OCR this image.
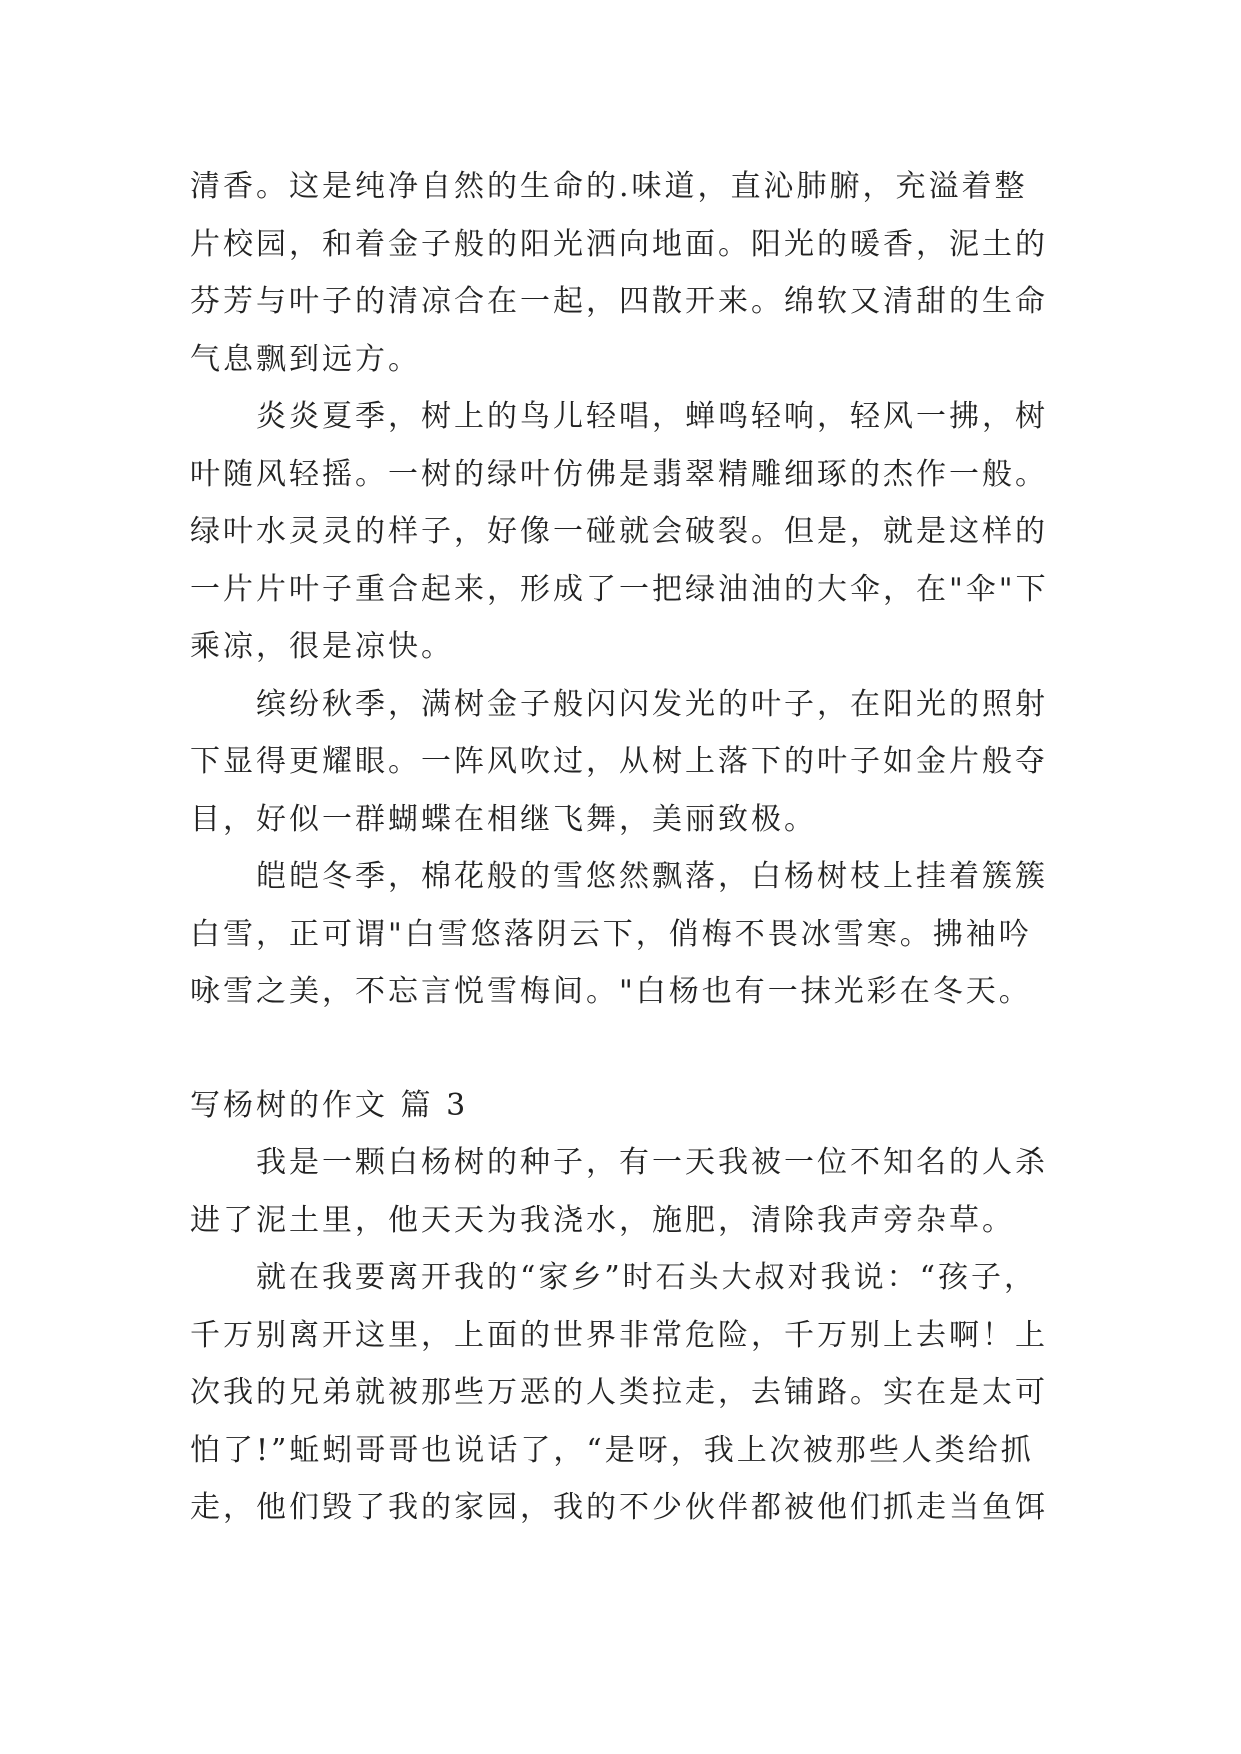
清香。这是纯净自然的生命的.味道，直沁肺腑，充溢着整

片校园，和着金子般的阳光洒向地面。阳光的暖香，泥土的

芬芳与叶子的清凉合在一起，四散开来。绵软又清甜的生命

气息飘到远方。

炎炎夏季，树上的鸟儿轻唱，蝉鸣轻响，轻风一拂，树

叶随风轻摇。一树的绿叶仿佛是翡翠精雕细琢的杰作一般。

绿叶水灵灵的样子，好像一碰就会破裂。但是，就是这样的

一片片叶子重合起来，形成了一把绿油油的大伞，在"伞"下

乘凉，很是凉快。

缤纷秋季，满树金子般闪闪发光的叶子，在阳光的照射

下显得更耀眼。一阵风吹过，从树上落下的叶子如金片般夺

目，好似一群蝴蝶在相继飞舞，美丽致极。

皑皑冬季，棉花般的雪悠然飘落，白杨树枝上挂着簇簇

白雪，正可谓"白雪悠落阴云下，俏梅不畏冰雪寒。拂袖吟

咏雪之美，不忘言悦雪梅间。"白杨也有一抹光彩在冬天。

写杨树的作文 篇 3

我是一颗白杨树的种子，有一天我被一位不知名的人杀

进了泥土里，他天天为我浇水，施肥，清除我声旁杂草。

就在我要离开我的“家乡”时石头大叔对我说：“孩子，

千万别离开这里，上面的世界非常危险，千万别上去啊！上

次我的兄弟就被那些万恶的人类拉走，去铺路。实在是太可

怕了!”蚯蚓哥哥也说话了，“是呀，我上次被那些人类给抓

走，他们毁了我的家园，我的不少伙伴都被他们抓走当鱼饵
